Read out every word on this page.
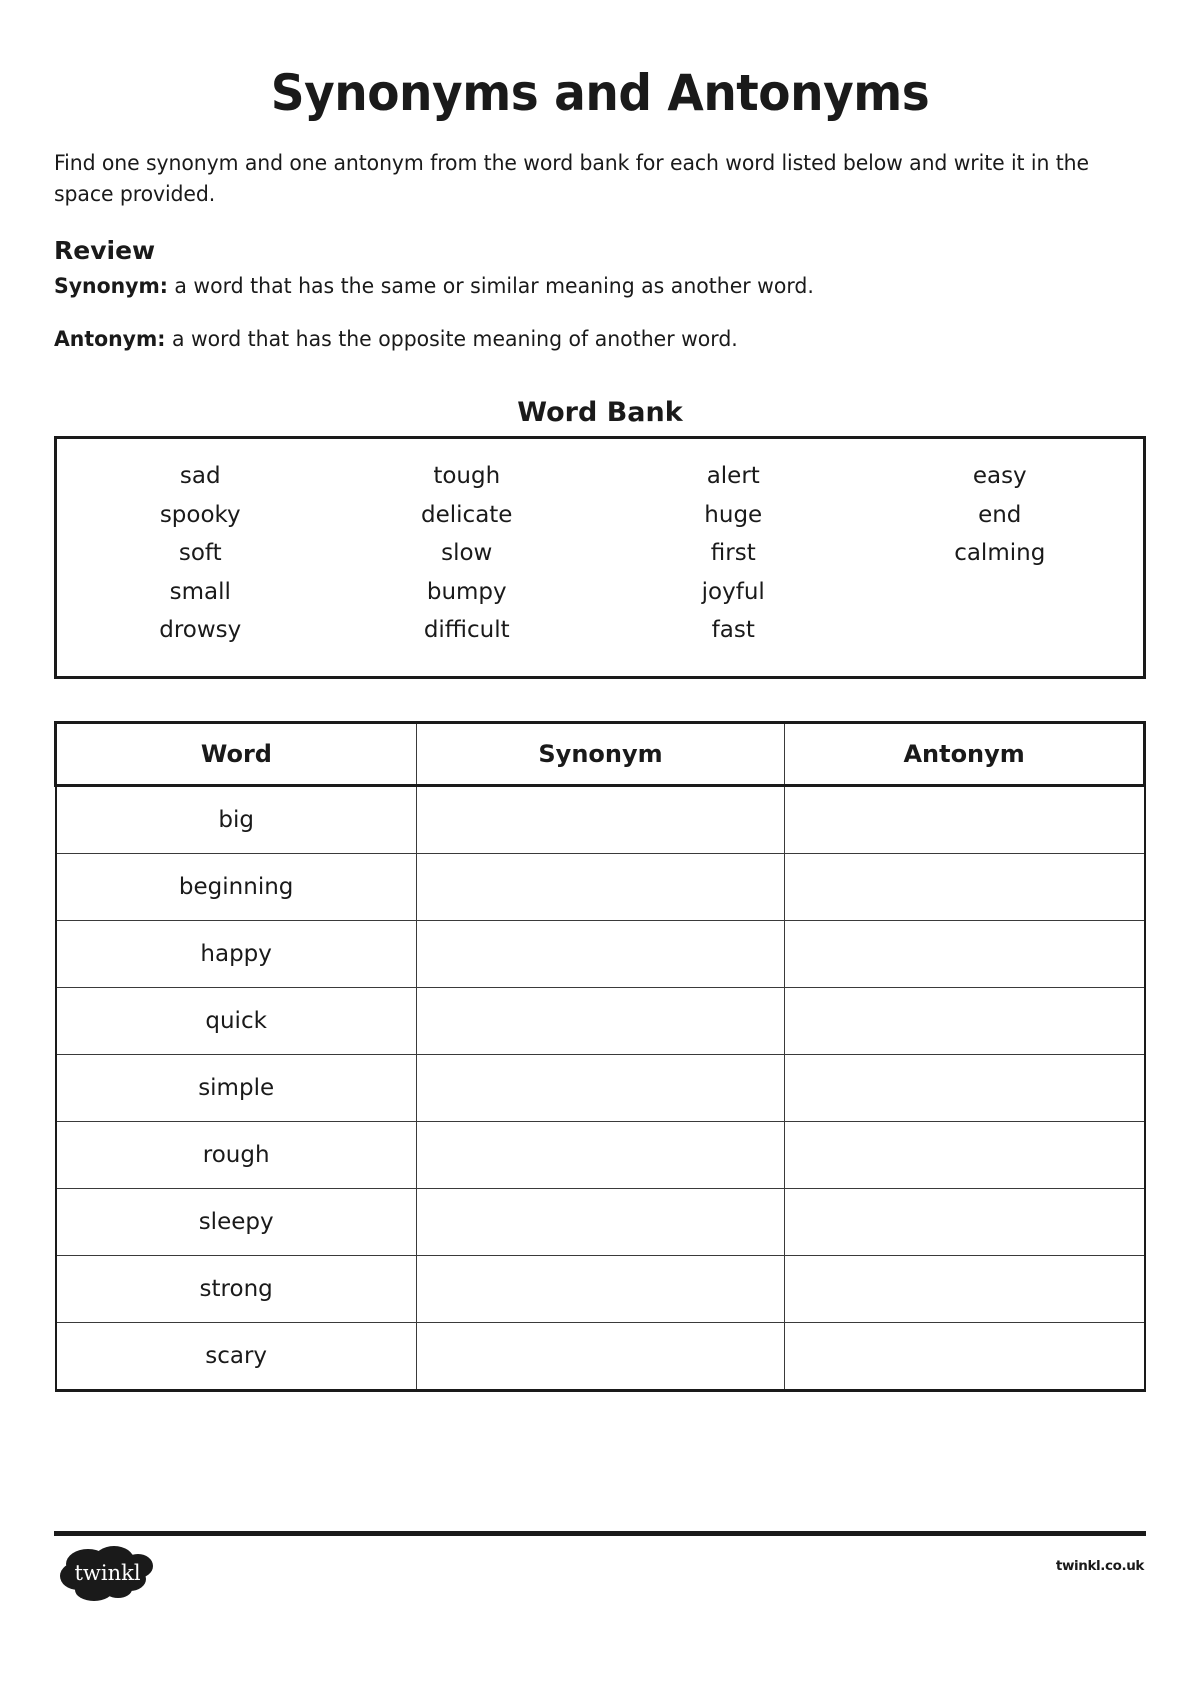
Synonyms and Antonyms

Find one synonym and one antonym from the word bank for each word listed below and write it in the space provided.

Review

Synonym: a word that has the same or similar meaning as another word.

Antonym: a word that has the opposite meaning of another word.

Word Bank
sad
spooky
soft
small
drowsy
tough
delicate
slow
bumpy
difficult
alert
huge
first
joyful
fast
easy
end
calming
Word	Synonym	Antonym
big		
beginning		
happy		
quick		
simple		
rough		
sleepy		
strong		
scary		
twinkl	twinkl.co.uk
